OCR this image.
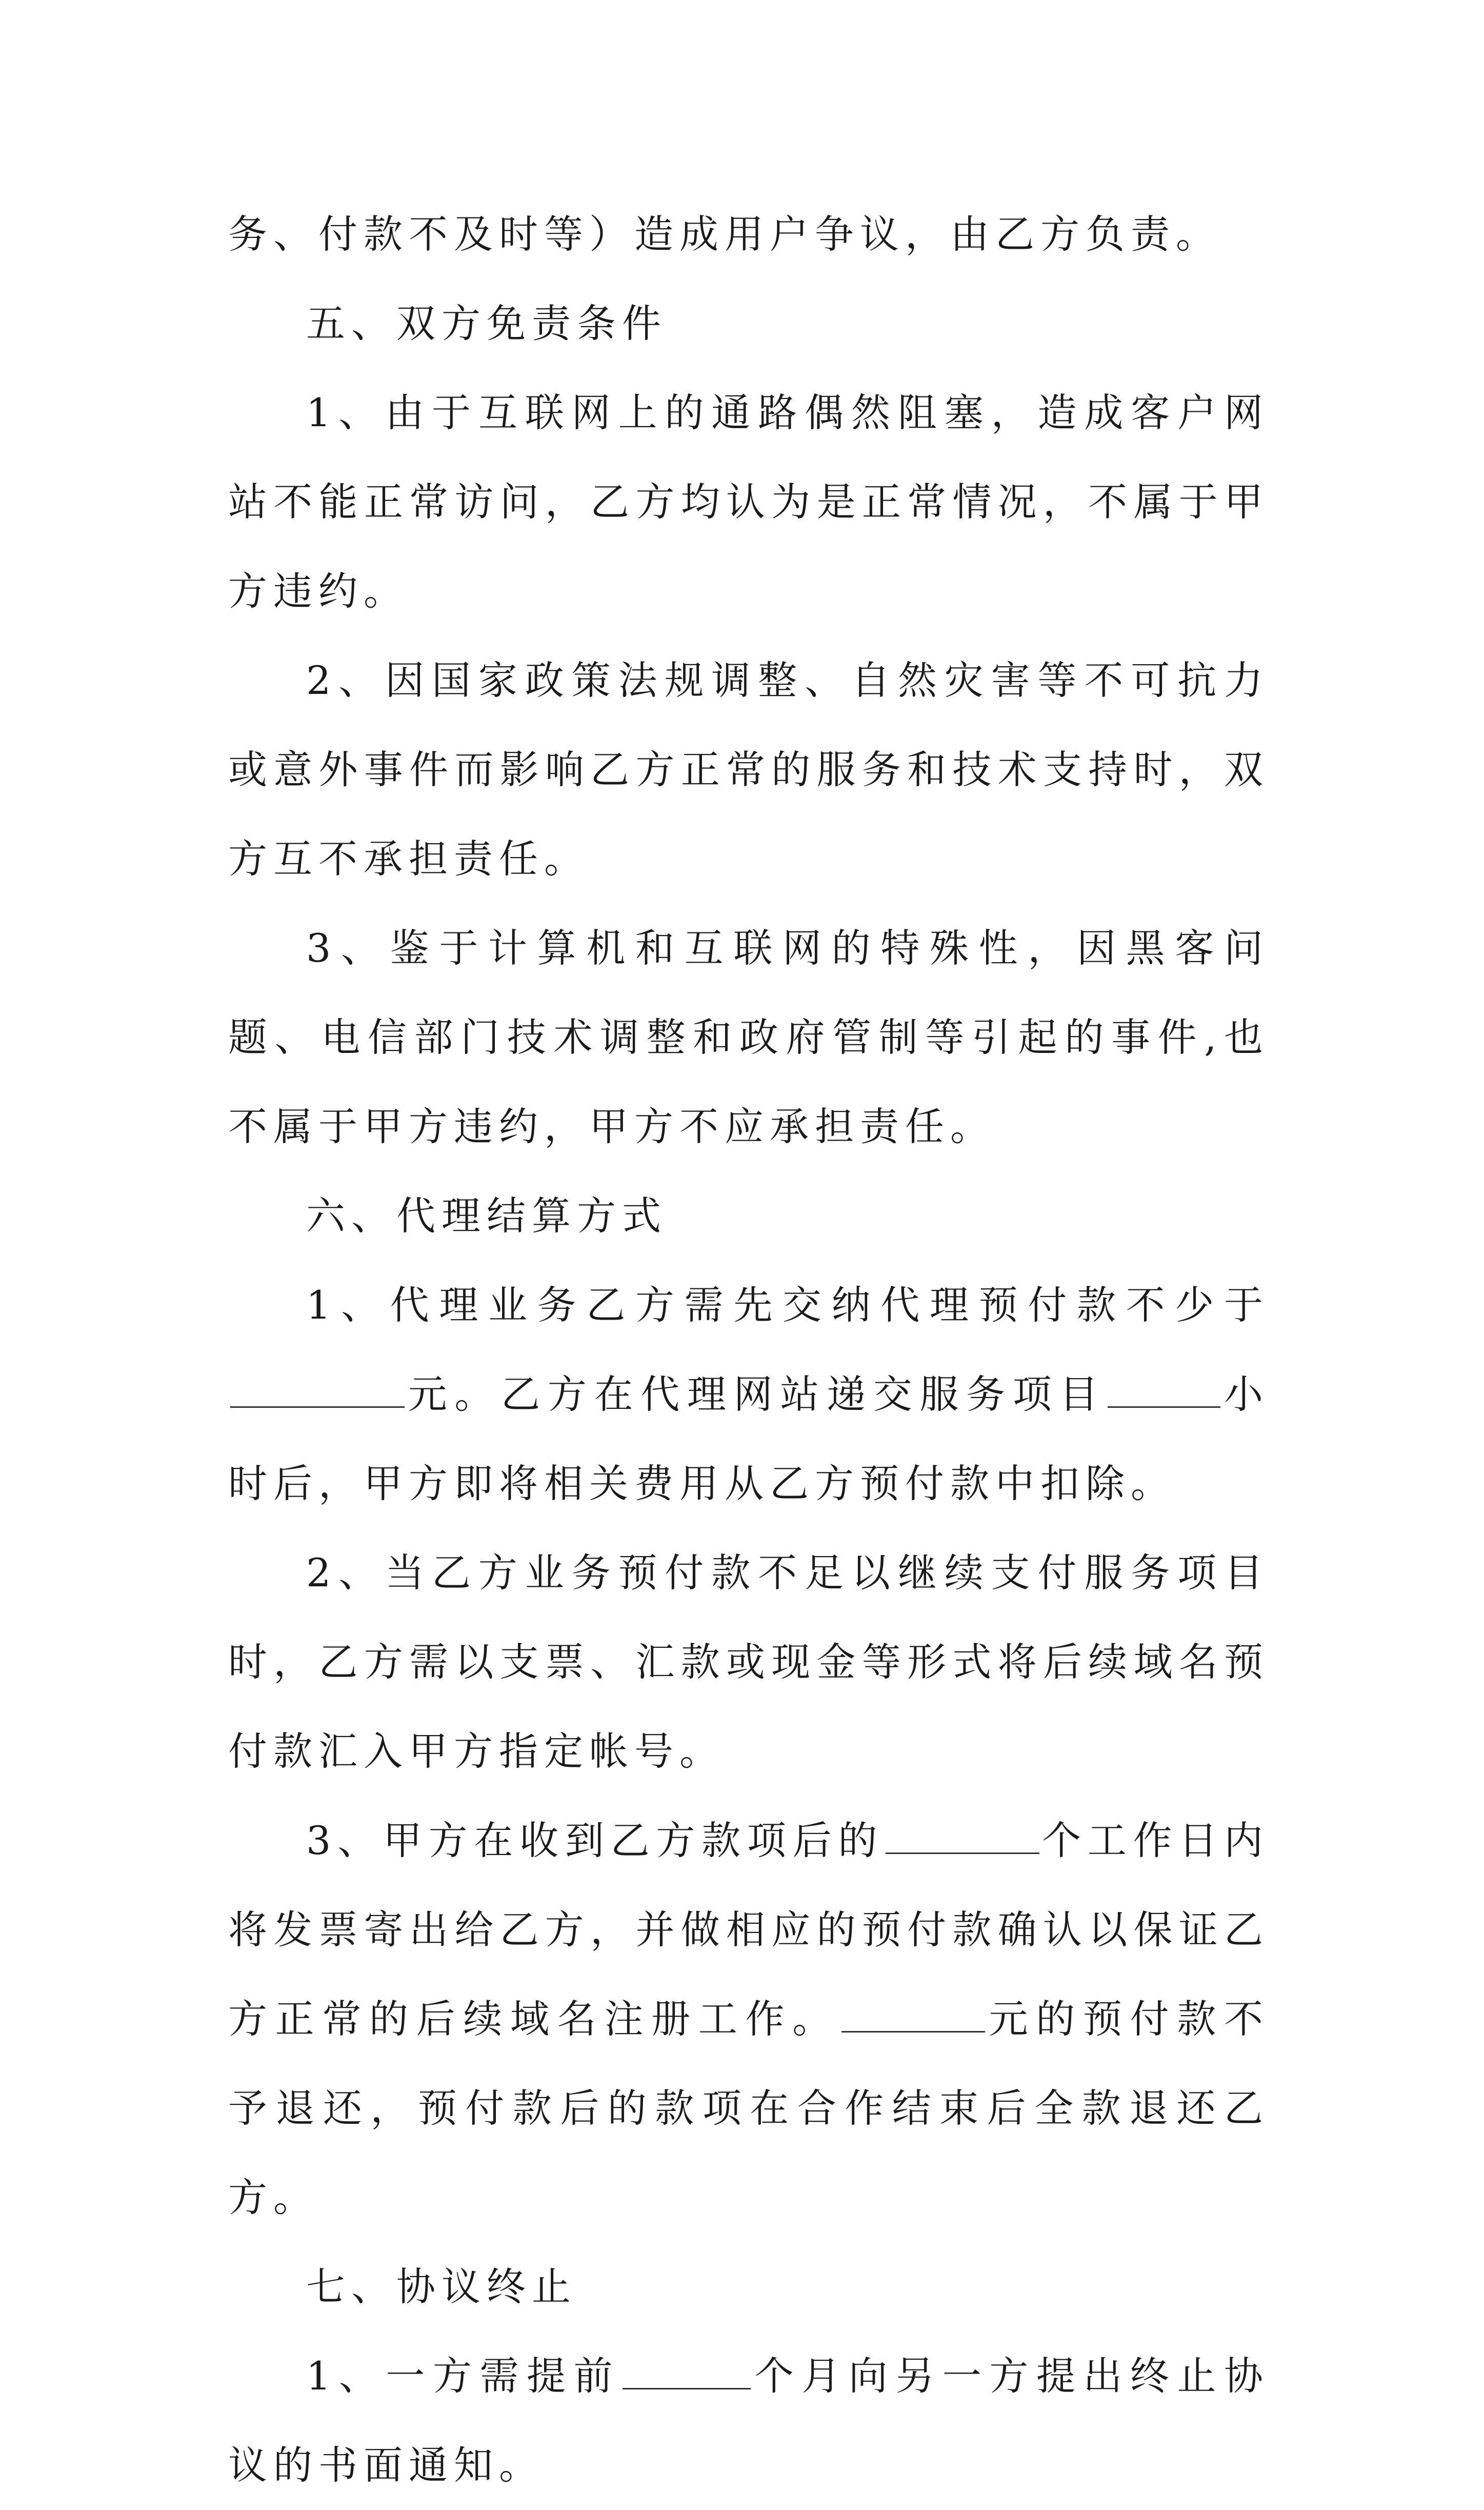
务、付款不及时等）造成用户争议，由乙方负责。

五、双方免责条件

1、由于互联网上的通路偶然阻塞，造成客户网站不能正常访问，乙方均认为是正常情况，不属于甲方违约。

2、因国家政策法规调整、自然灾害等不可抗力或意外事件而影响乙方正常的服务和技术支持时，双方互不承担责任。

3、鉴于计算机和互联网的特殊性，因黑客问题、电信部门技术调整和政府管制等引起的事件,也不属于甲方违约，甲方不应承担责任。

六、代理结算方式

1、代理业务乙方需先交纳代理预付款不少于元。乙方在代理网站递交服务项目	小时后，甲方即将相关费用从乙方预付款中扣除。

2、当乙方业务预付款不足以继续支付服务项目时，乙方需以支票、汇款或现金等形式将后续域名预付款汇入甲方指定帐号。

3、甲方在收到乙方款项后的	个工作日内将发票寄出给乙方，并做相应的预付款确认以保证乙方正常的后续域名注册工作。	元的预付款不予退还，预付款后的款项在合作结束后全款退还乙方。

七、协议终止

1、一方需提前	个月向另一方提出终止协议的书面通知。
